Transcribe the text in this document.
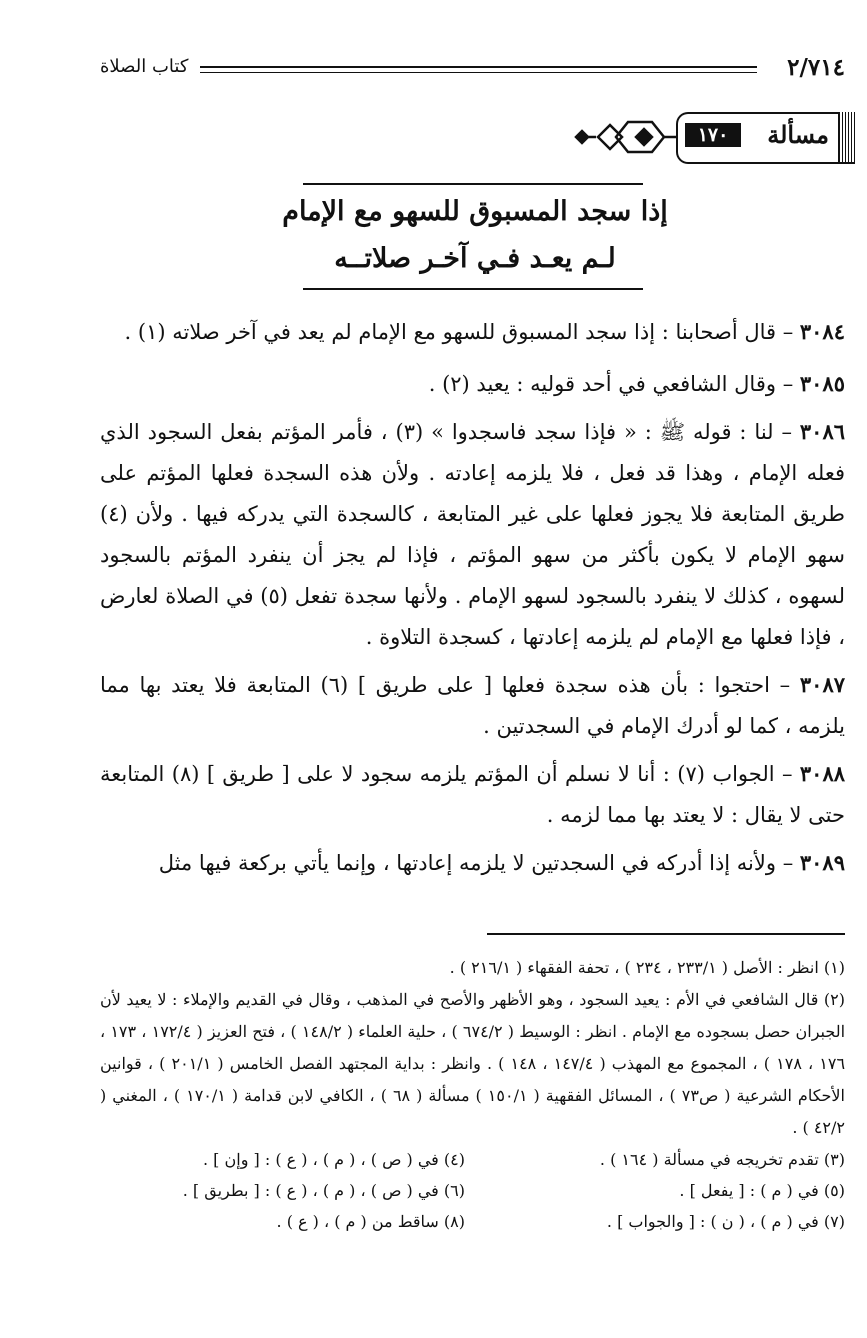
٢/٧١٤
كتاب الصلاة
مسألة
١٧٠
إذا سجد المسبوق للسهو مع الإمام
لـم يعـد فـي آخـر صلاتــه

٣٠٨٤ – قال أصحابنا : إذا سجد المسبوق للسهو مع الإمام لم يعد في آخر صلاته (١) .

٣٠٨٥ – وقال الشافعي في أحد قوليه : يعيد (٢) .

٣٠٨٦ – لنا : قوله ﷺ : « فإذا سجد فاسجدوا » (٣) ، فأمر المؤتم بفعل السجود الذي فعله الإمام ، وهذا قد فعل ، فلا يلزمه إعادته . ولأن هذه السجدة فعلها المؤتم على طريق المتابعة فلا يجوز فعلها على غير المتابعة ، كالسجدة التي يدركه فيها . ولأن (٤) سهو الإمام لا يكون بأكثر من سهو المؤتم ، فإذا لم يجز أن ينفرد المؤتم بالسجود لسهوه ، كذلك لا ينفرد بالسجود لسهو الإمام . ولأنها سجدة تفعل (٥) في الصلاة لعارض ، فإذا فعلها مع الإمام لم يلزمه إعادتها ، كسجدة التلاوة .

٣٠٨٧ – احتجوا : بأن هذه سجدة فعلها [ على طريق ] (٦) المتابعة فلا يعتد بها مما يلزمه ، كما لو أدرك الإمام في السجدتين .

٣٠٨٨ – الجواب (٧) : أنا لا نسلم أن المؤتم يلزمه سجود لا على [ طريق ] (٨) المتابعة حتى لا يقال : لا يعتد بها مما لزمه .

٣٠٨٩ – ولأنه إذا أدركه في السجدتين لا يلزمه إعادتها ، وإنما يأتي بركعة فيها مثل

(١) انظر : الأصل ( ٢٣٣/١ ، ٢٣٤ ) ، تحفة الفقهاء ( ٢١٦/١ ) .

(٢) قال الشافعي في الأم : يعيد السجود ، وهو الأظهر والأصح في المذهب ، وقال في القديم والإملاء : لا يعيد لأن الجبران حصل بسجوده مع الإمام . انظر : الوسيط ( ٦٧٤/٢ ) ، حلية العلماء ( ١٤٨/٢ ) ، فتح العزيز ( ١٧٢/٤ ، ١٧٣ ، ١٧٦ ، ١٧٨ ) ، المجموع مع المهذب ( ١٤٧/٤ ، ١٤٨ ) . وانظر : بداية المجتهد الفصل الخامس ( ٢٠١/١ ) ، قوانين الأحكام الشرعية ( ص٧٣ ) ، المسائل الفقهية ( ١٥٠/١ ) مسألة ( ٦٨ ) ، الكافي لابن قدامة ( ١٧٠/١ ) ، المغني ( ٤٢/٢ ) .

(٣) تقدم تخريجه في مسألة ( ١٦٤ ) .
(٤) في ( ص ) ، ( م ) ، ( ع ) : [ وإن ] .
(٥) في ( م ) : [ يفعل ] .
(٦) في ( ص ) ، ( م ) ، ( ع ) : [ بطريق ] .
(٧) في ( م ) ، ( ن ) : [ والجواب ] .
(٨) ساقط من ( م ) ، ( ع ) .
